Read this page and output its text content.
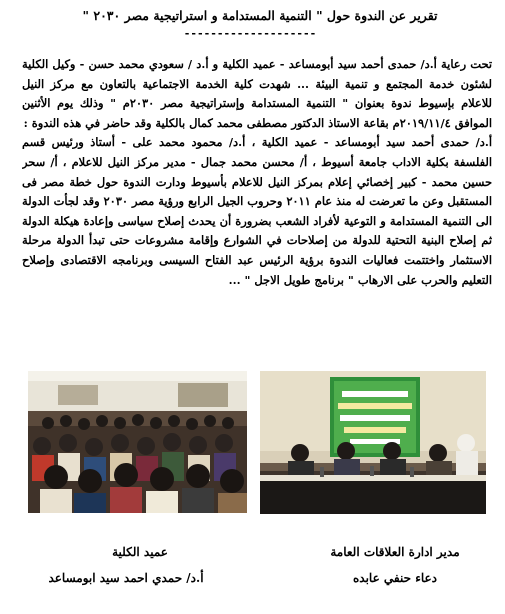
تقرير عن الندوة حول " التنمية المستدامة و استراتيجية مصر ٢٠٣٠ "
--------------------

تحت رعاية أ.د/ حمدى أحمد سيد أبومساعد - عميد الكلية و أ.د / سعودي محمد حسن - وكيل الكلية لشئون خدمة المجتمع و تنمية البيئة ... شهدت كلية الخدمة الاجتماعية بالتعاون مع مركز النيل للاعلام بإسيوط ندوة بعنوان " التنمية المستدامة وإستراتيجية مصر ٢٠٣٠م " وذلك يوم الأثنين الموافق ٢٠١٩/١١/٤م بقاعة الاستاذ الدكتور مصطفى محمد كمال بالكلية وقد حاضر في هذه الندوة :

أ.د/ حمدى أحمد سيد أبومساعد - عميد الكلية ، أ.د/ محمود محمد على - أستاذ ورئيس قسم الفلسفة بكلية الاداب جامعة أسيوط ، أ/ محسن محمد جمال - مدير مركز النيل للاعلام ، أ/ سحر حسين محمد - كبير إخصائي إعلام بمركز النيل للاعلام بأسيوط ودارت الندوة حول خطة مصر فى المستقبل وعن ما تعرضت له منذ عام ٢٠١١ وحروب الجيل الرابع ورؤية مصر ٢٠٣٠ وقد لجأت الدولة الى التنمية المستدامة و التوعية لأفراد الشعب بضرورة أن يحدث إصلاح سياسى وإعادة هيكلة الدولة ثم إصلاح البنية التحتية للدولة من إصلاحات في الشوارع وإقامة مشروعات حتى تبدأ الدولة مرحلة الاستثمار واختتمت فعاليات الندوة برؤية الرئيس عبد الفتاح السيسى وبرنامجه الاقتصادى وإصلاح التعليم والحرب على الارهاب " برنامج طويل الاجل " ...

عميد الكلية
أ.د/ حمدي احمد سيد ابومساعد
مدير ادارة العلاقات العامة
دعاء حنفي عابده
